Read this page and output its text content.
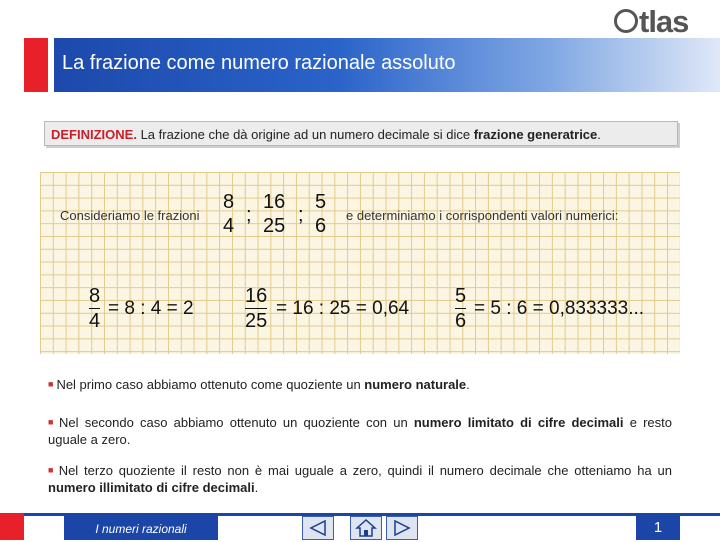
tlas
La frazione come numero razionale assoluto
DEFINIZIONE. La frazione che dà origine ad un numero decimale si dice frazione generatrice.
Consideriamo le frazioni
8
4 ;
16
25 ;
5
6 e determiniamo i corrispondenti valori numerici:
$\frac{8}{4} = 8$ : 4 = 2	$\frac{16}{25} = 16$ : $25 = 0,64 \frac{5}{6} = 5$ : 6 = 0,833333...
■ Nel primo caso abbiamo ottenuto come quoziente un numero naturale.
■ Nel secondo caso abbiamo ottenuto un quoziente con un numero limitato di cifre decimali e resto uguale a zero.
■ Nel terzo quoziente il resto non è mai uguale a zero, quindi il numero decimale che otteniamo ha un numero illimitato di cifre decimali.
I numeri razionali	1
